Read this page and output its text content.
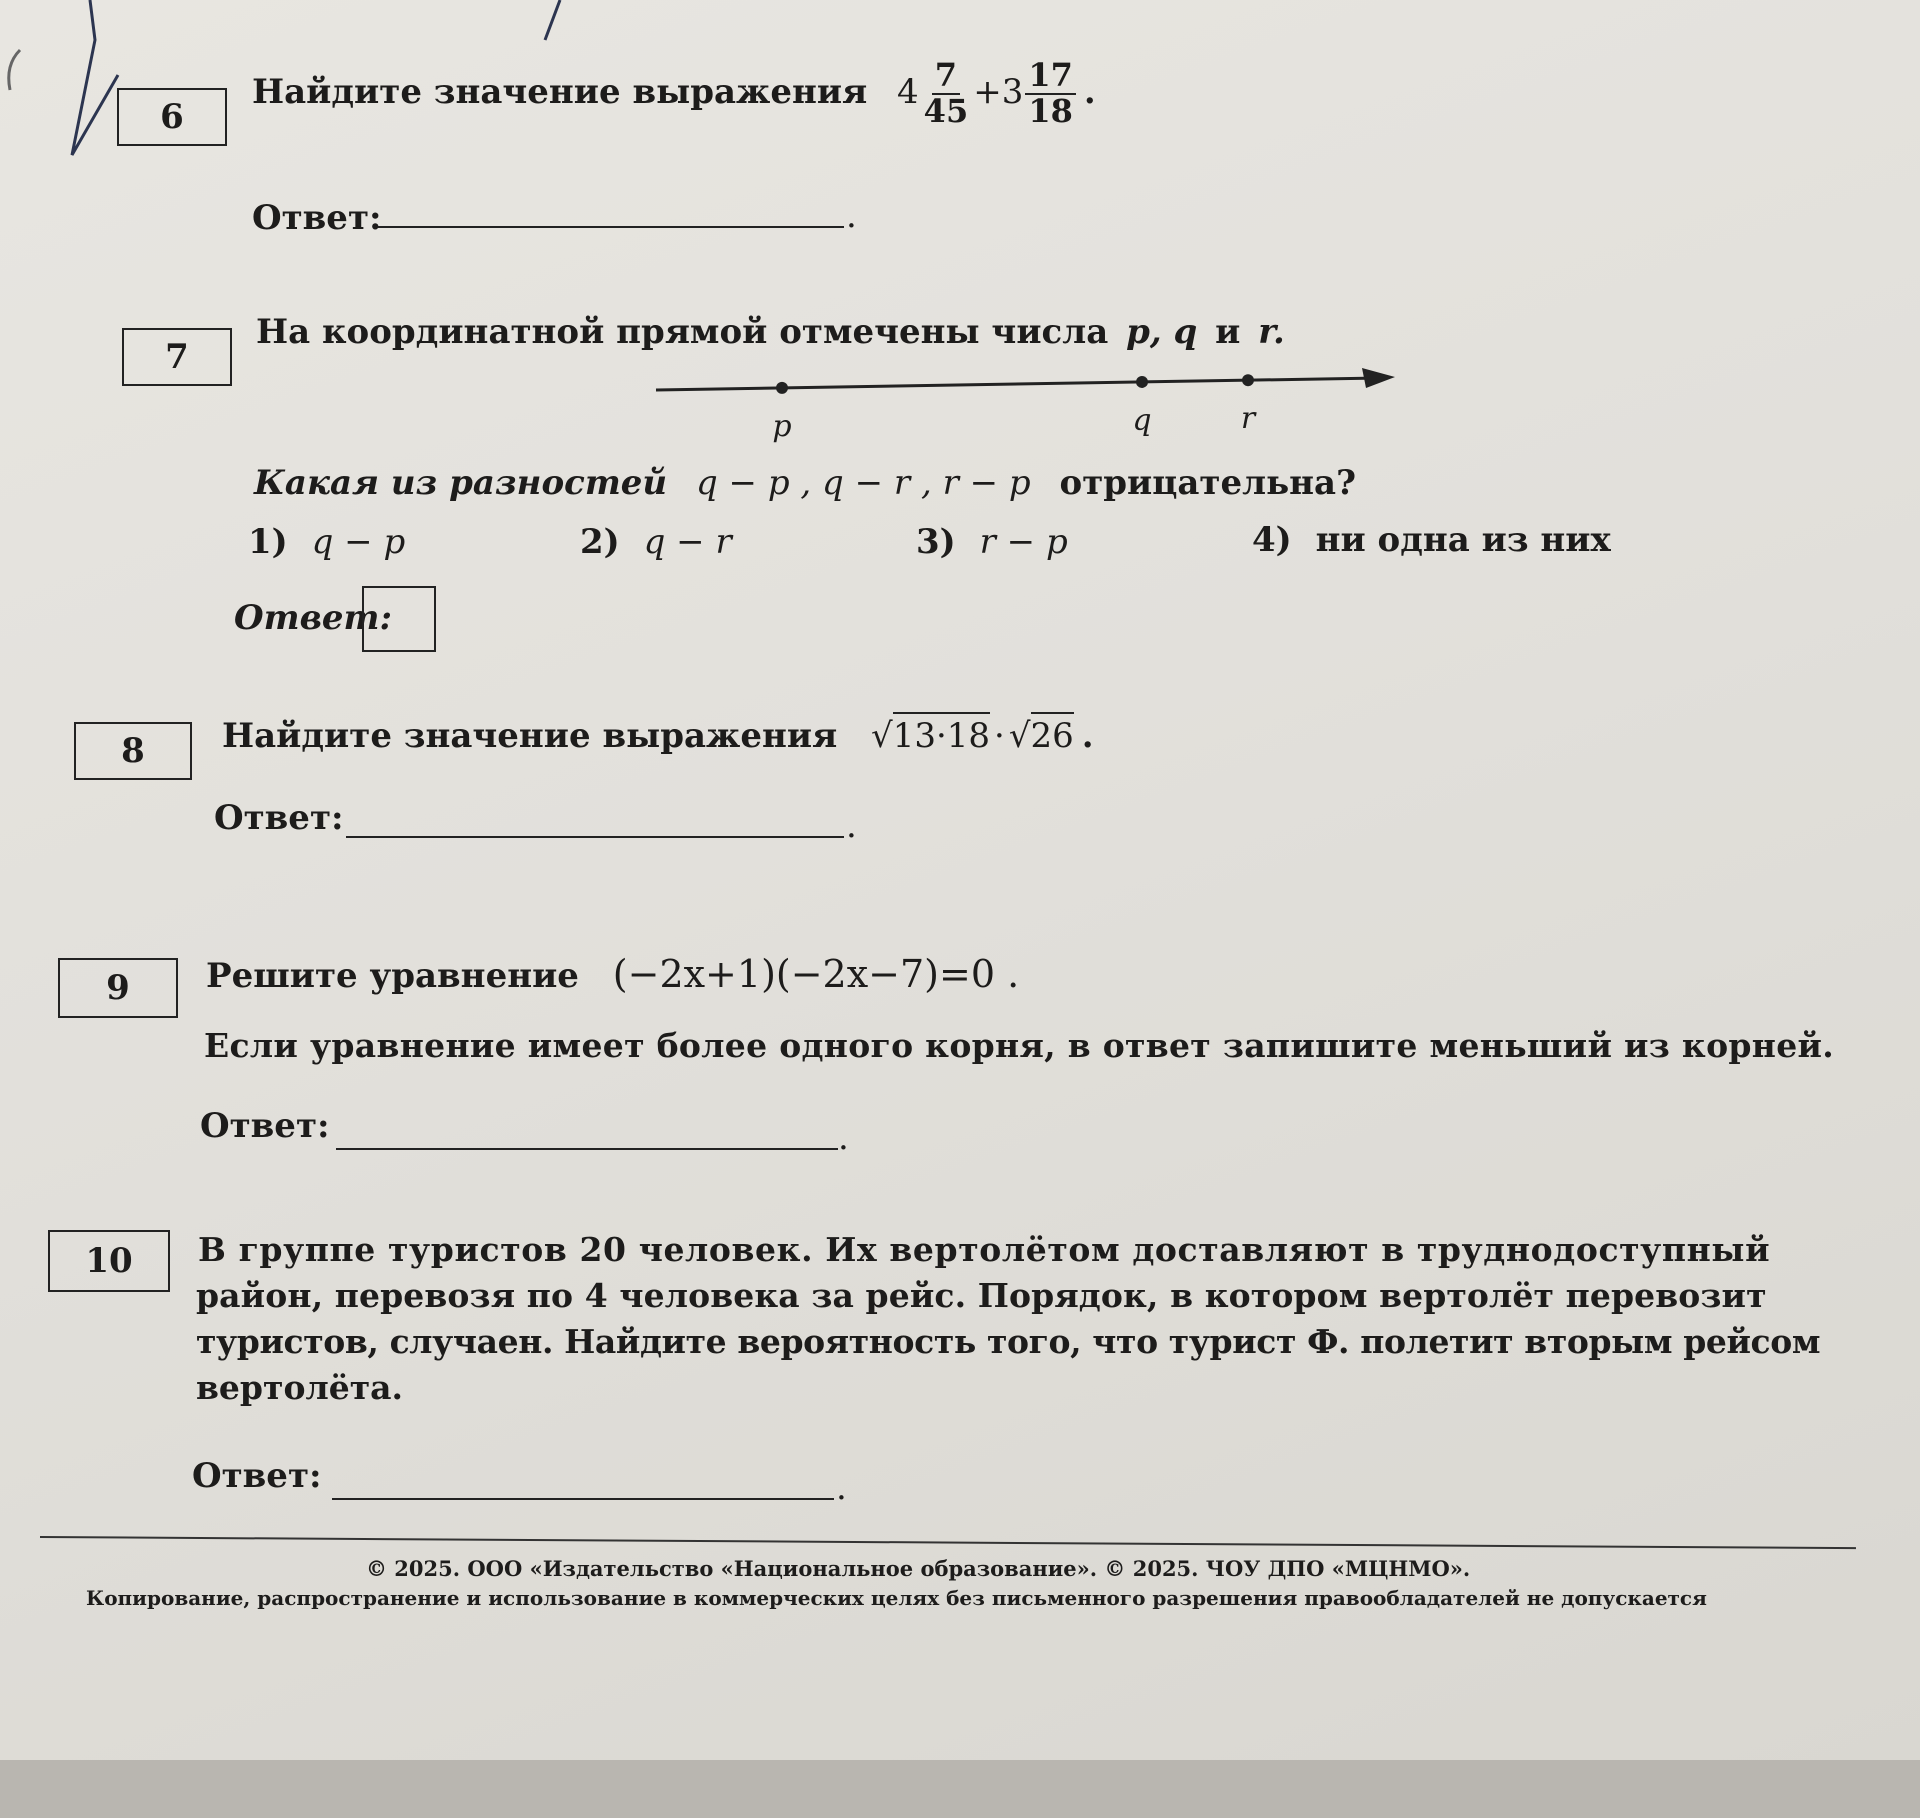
6
Найдите значение выражения $4 \frac{7}{45} +3 \frac{17}{18}$ .
Ответ:	.
7
На координатной прямой отмечены числа p, q и r.
p	q	r
Какая из разностей q − p , q − r , r − p отрицательна?
1) q − p	2) q − r	3) r − p	4) ни одна из них
Ответ:
8 Найдите значение выражения √13·18 · √26 .
Ответ:	.
9 Решите уравнение (−2x+1)(−2x−7)=0 .
Если уравнение имеет более одного корня, в ответ запишите меньший из корней.
Ответ:	.
10 В группе туристов 20 человек. Их вертолётом доставляют в труднодоступный
район, перевозя по 4 человека за рейс. Порядок, в котором вертолёт перевозит
туристов, случаен. Найдите вероятность того, что турист Ф. полетит вторым рейсом
вертолёта.
Ответ:	.
© 2025. ООО «Издательство «Национальное образование». © 2025. ЧОУ ДПО «МЦНМО».
Копирование, распространение и использование в коммерческих целях без письменного разрешения правообладателей не допускается
